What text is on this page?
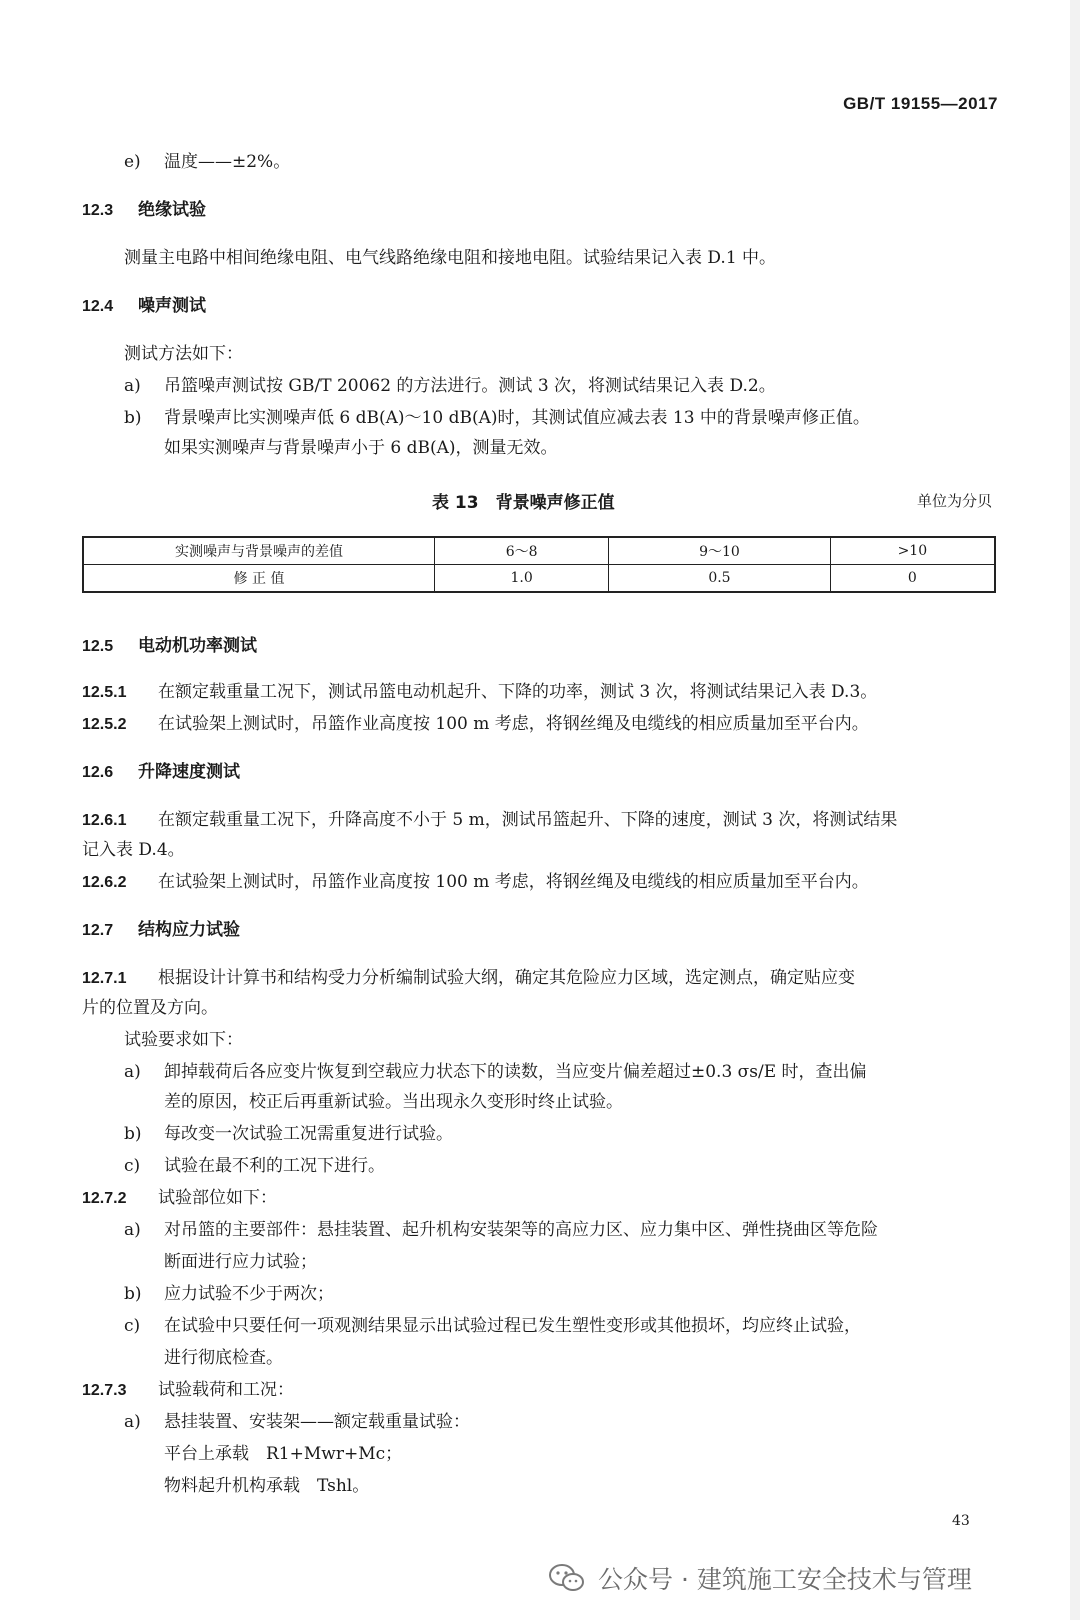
GB/T 19155—2017
e) 温度——±2%。
12.3 绝缘试验
测量主电路中相间绝缘电阻、电气线路绝缘电阻和接地电阻。试验结果记入表 D.1 中。
12.4 噪声测试
测试方法如下：
a) 吊篮噪声测试按 GB/T 20062 的方法进行。测试 3 次，将测试结果记入表 D.2。
b) 背景噪声比实测噪声低 6 dB(A)～10 dB(A)时，其测试值应减去表 13 中的背景噪声修正值。
如果实测噪声与背景噪声小于 6 dB(A)，测量无效。
表 13　背景噪声修正值	单位为分贝
实测噪声与背景噪声的差值	6～8	9～10	>10
修 正 值	1.0	0.5	0
12.5 电动机功率测试
12.5.1 在额定载重量工况下，测试吊篮电动机起升、下降的功率，测试 3 次，将测试结果记入表 D.3。
12.5.2 在试验架上测试时，吊篮作业高度按 100 m 考虑，将钢丝绳及电缆线的相应质量加至平台内。
12.6 升降速度测试
12.6.1 在额定载重量工况下，升降高度不小于 5 m，测试吊篮起升、下降的速度，测试 3 次，将测试结果
记入表 D.4。
12.6.2 在试验架上测试时，吊篮作业高度按 100 m 考虑，将钢丝绳及电缆线的相应质量加至平台内。
12.7 结构应力试验
12.7.1 根据设计计算书和结构受力分析编制试验大纲，确定其危险应力区域，选定测点，确定贴应变
片的位置及方向。
试验要求如下：
a) 卸掉载荷后各应变片恢复到空载应力状态下的读数，当应变片偏差超过±0.3 σs/E 时，查出偏
差的原因，校正后再重新试验。当出现永久变形时终止试验。
b) 每改变一次试验工况需重复进行试验。
c) 试验在最不利的工况下进行。
12.7.2 试验部位如下：
a) 对吊篮的主要部件：悬挂装置、起升机构安装架等的高应力区、应力集中区、弹性挠曲区等危险
断面进行应力试验；
b) 应力试验不少于两次；
c) 在试验中只要任何一项观测结果显示出试验过程已发生塑性变形或其他损坏，均应终止试验，
进行彻底检查。
12.7.3 试验载荷和工况：
a) 悬挂装置、安装架——额定载重量试验：
平台上承载　R1+Mwr+Mc；
物料起升机构承载　Tshl。
43
公众号 · 建筑施工安全技术与管理
